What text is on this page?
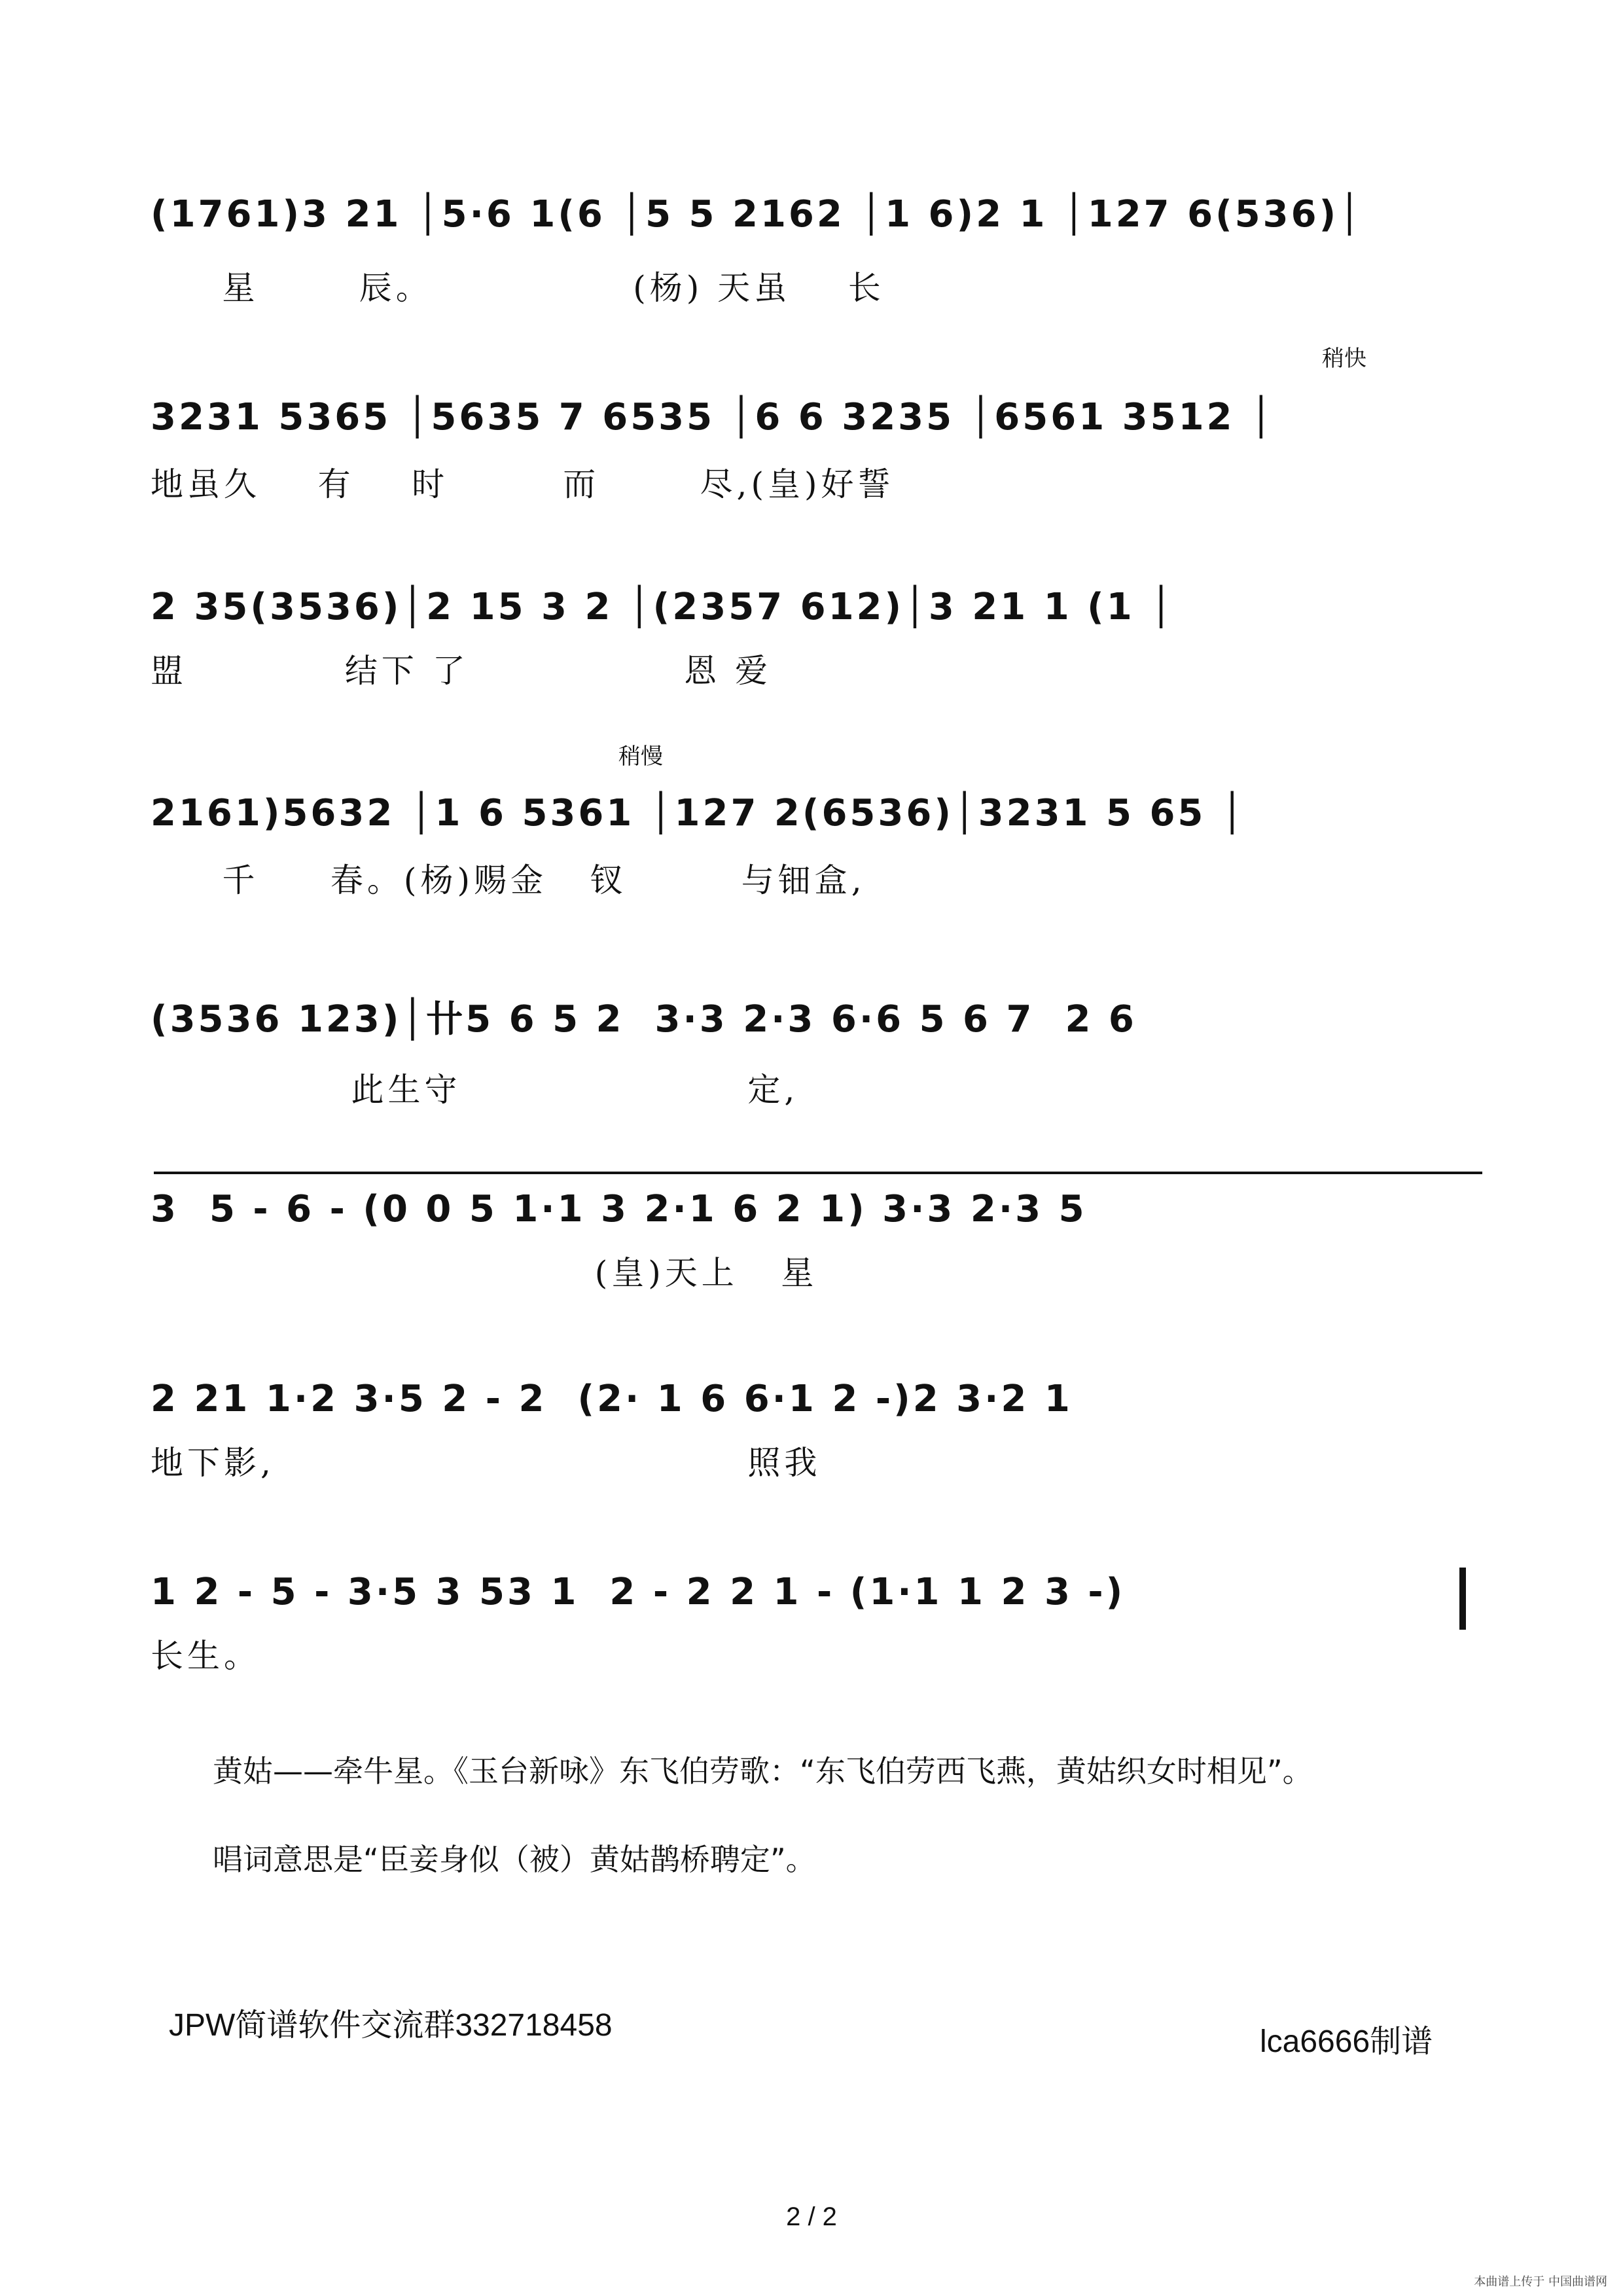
(1761)3 21 │5·6 1(6 │5 5 2162 │1 6)2 1 │127 6(536)│
星       辰。              (杨) 天虽    长
稍快
3231 5365 │5635 7 6535 │6 6 3235 │6561 3512 │
地虽久    有    时        而       尽,(皇)好誓
2 35(3536)│2 15 3 2 │(2357 612)│3 21 1 (1 │
盟           结下 了               恩 爱
稍慢
2161)5632 │1 6 5361 │127 2(6536)│3231 5 65 │
千     春。(杨)赐金   钗        与钿盒,
(3536 123)│卄5 6 5 2  3·3 2·3 6·6 5 6 7  2 6
此生守                    定,
3  5 - 6 - (0 0 5 1·1 3 2·1 6 2 1) 3·3 2·3 5
(皇)天上   星
2 21 1·2 3·5 2 - 2  (2· 1 6 6·1 2 -)2 3·2 1
地下影,                                 照我
1 2 - 5 - 3·5 3 53 1  2 - 2 2 1 - (1·1 1 2 3 -)
长生。
黄姑——牵牛星。《玉台新咏》东飞伯劳歌：“东飞伯劳西飞燕，黄姑织女时相见”。
唱词意思是“臣妾身似（被）黄姑鹊桥聘定”。
JPW简谱软件交流群332718458	lca6666制谱
2 / 2
本曲谱上传于 中国曲谱网
